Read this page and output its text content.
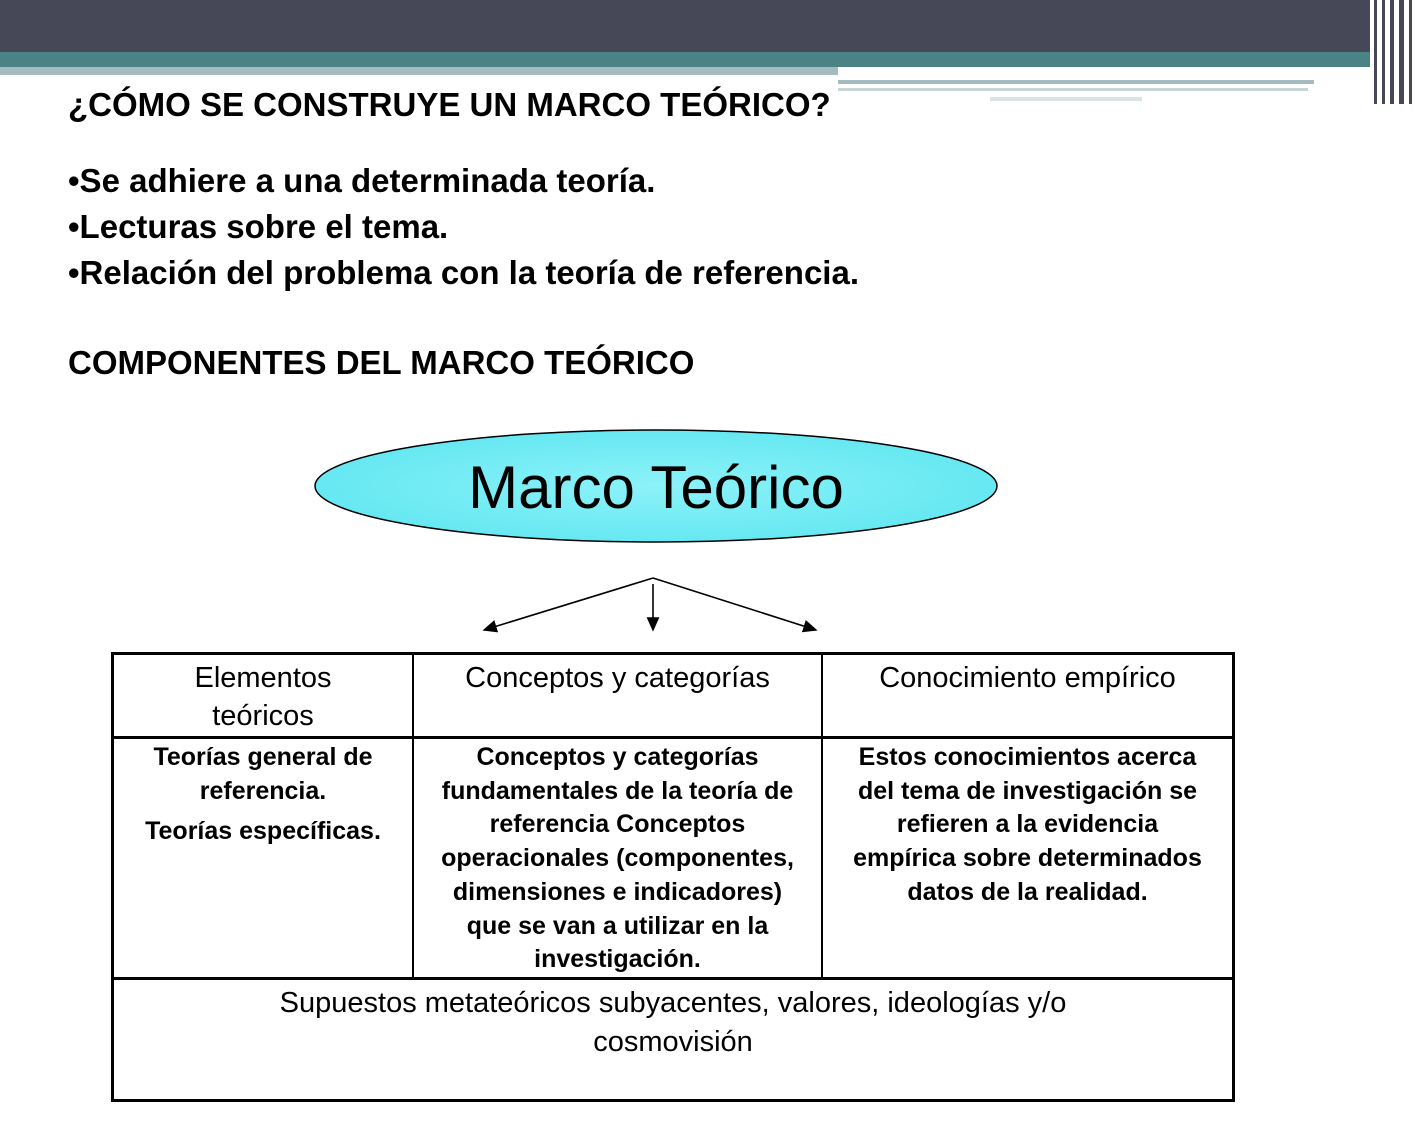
¿CÓMO SE CONSTRUYE UN MARCO TEÓRICO?
•Se adhiere a una determinada teoría.
•Lecturas sobre el tema.
•Relación del problema con la teoría de referencia.
COMPONENTES DEL MARCO TEÓRICO
Marco Teórico
Elementos
teóricos
Conceptos y categorías	Conocimiento empírico
Teorías general de
referencia.
Teorías específicas.
Conceptos y categorías
fundamentales de la teoría de
referencia Conceptos
operacionales (componentes,
dimensiones e indicadores)
que se van a utilizar en la
investigación.
Estos conocimientos acerca
del tema de investigación se
refieren a la evidencia
empírica sobre determinados
datos de la realidad.
Supuestos metateóricos subyacentes, valores, ideologías y/o
cosmovisión
